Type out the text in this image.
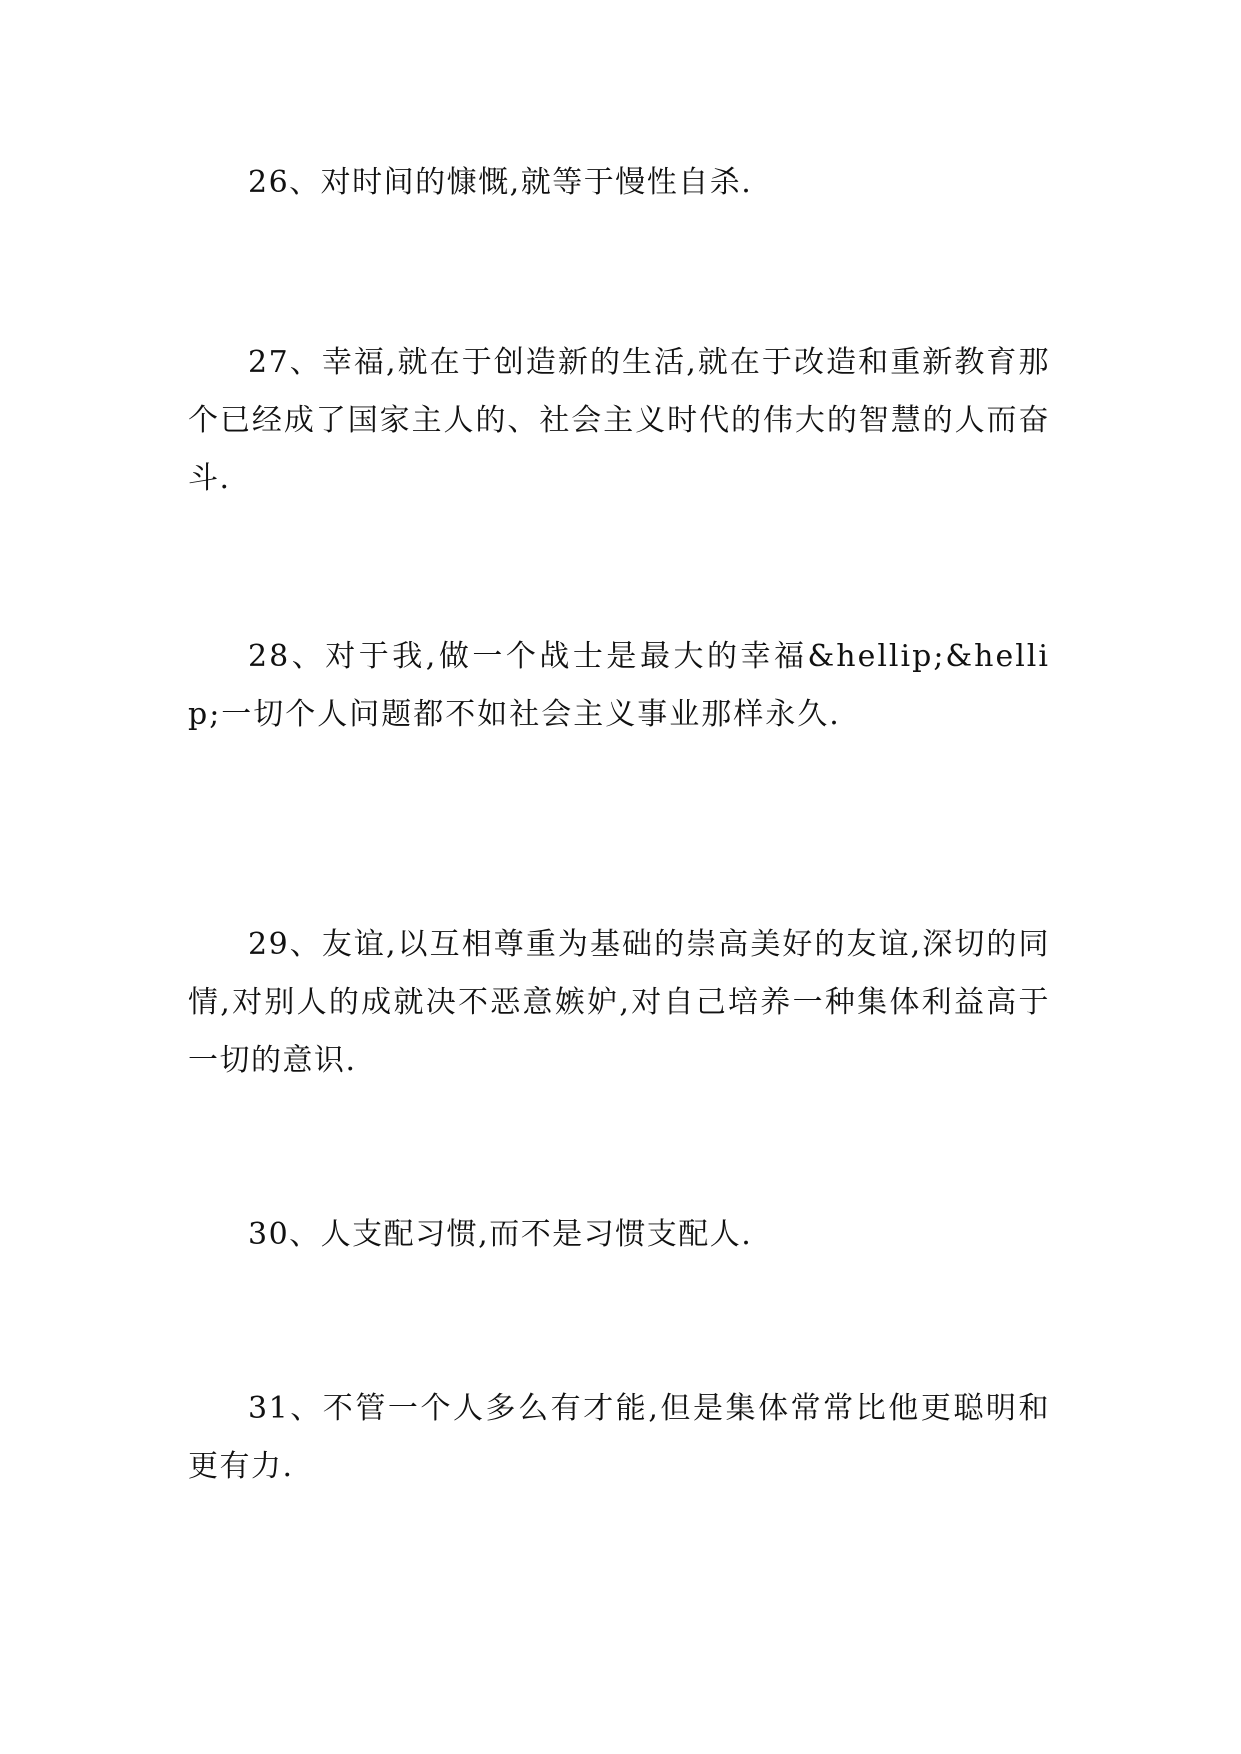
26、对时间的慷慨,就等于慢性自杀.

27、幸福,就在于创造新的生活,就在于改造和重新教育那个已经成了国家主人的、社会主义时代的伟大的智慧的人而奋斗.

28、对于我,做一个战士是最大的幸福&hellip;&hellip;一切个人问题都不如社会主义事业那样永久.

29、友谊,以互相尊重为基础的崇高美好的友谊,深切的同情,对别人的成就决不恶意嫉妒,对自己培养一种集体利益高于一切的意识.

30、人支配习惯,而不是习惯支配人.

31、不管一个人多么有才能,但是集体常常比他更聪明和更有力.
